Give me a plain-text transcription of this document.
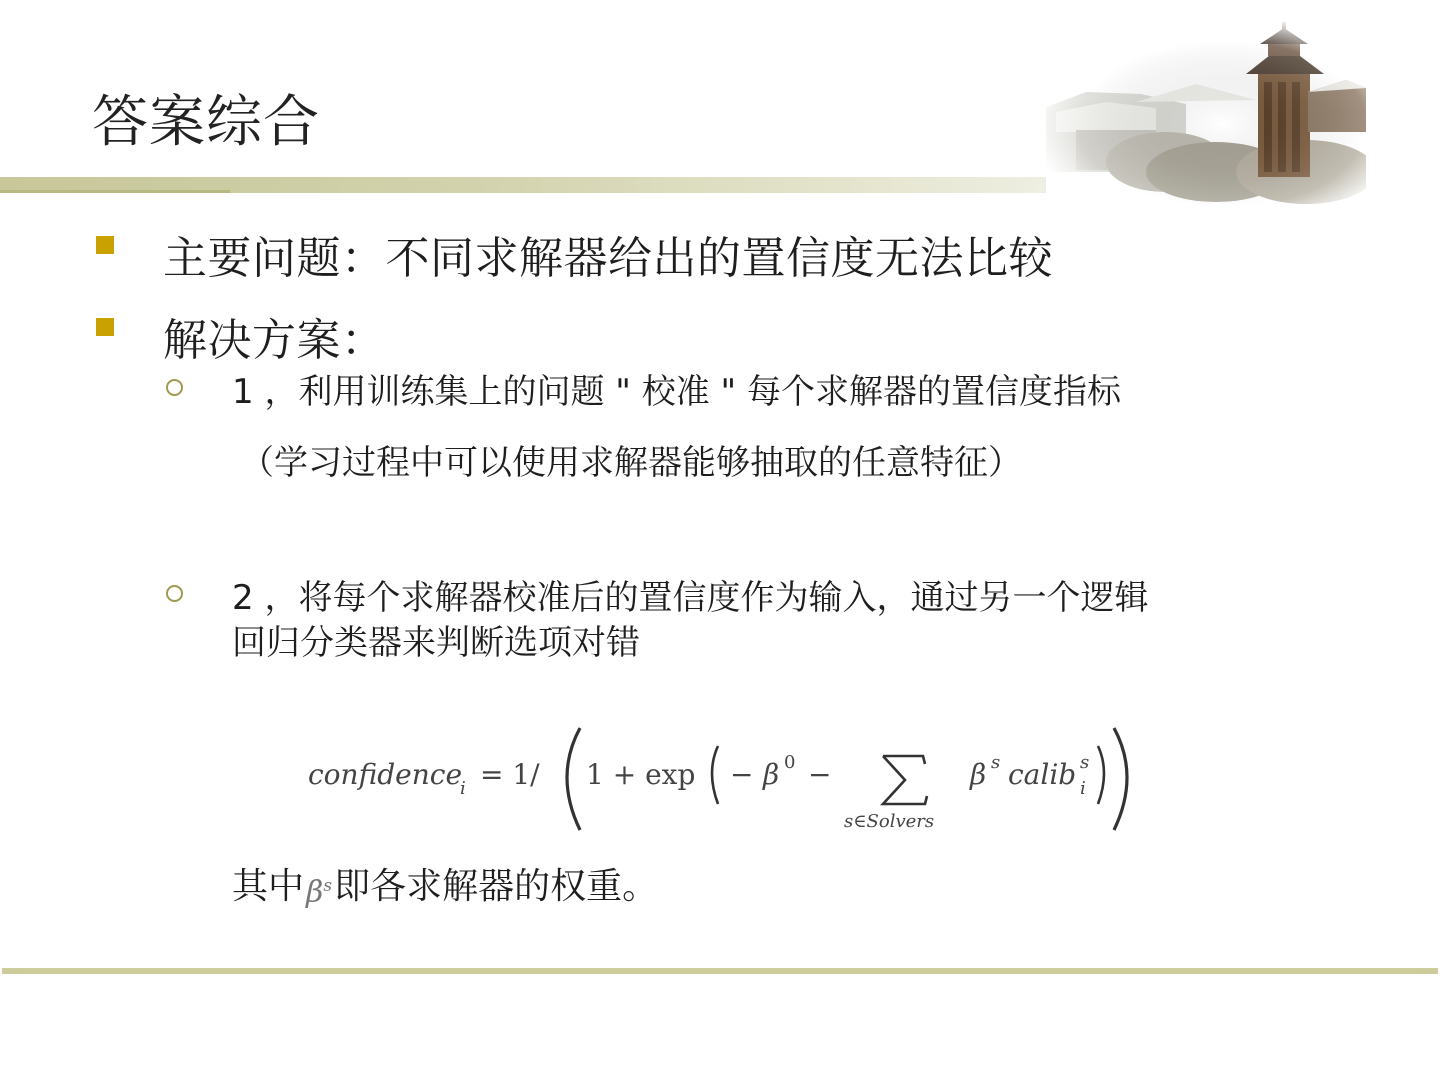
答案综合
主要问题：不同求解器给出的置信度无法比较
解决方案：
1 ，利用训练集上的问题 " 校准 " 每个求解器的置信度指标
（学习过程中可以使用求解器能够抽取的任意特征）
2 ，将每个求解器校准后的置信度作为输入，通过另一个逻辑
回归分类器来判断选项对错
confidence
i = 1/ 1 + exp − β 0 −
s∈Solvers
β s calib s
i
其中$\beta^s$即各求解器的权重。
